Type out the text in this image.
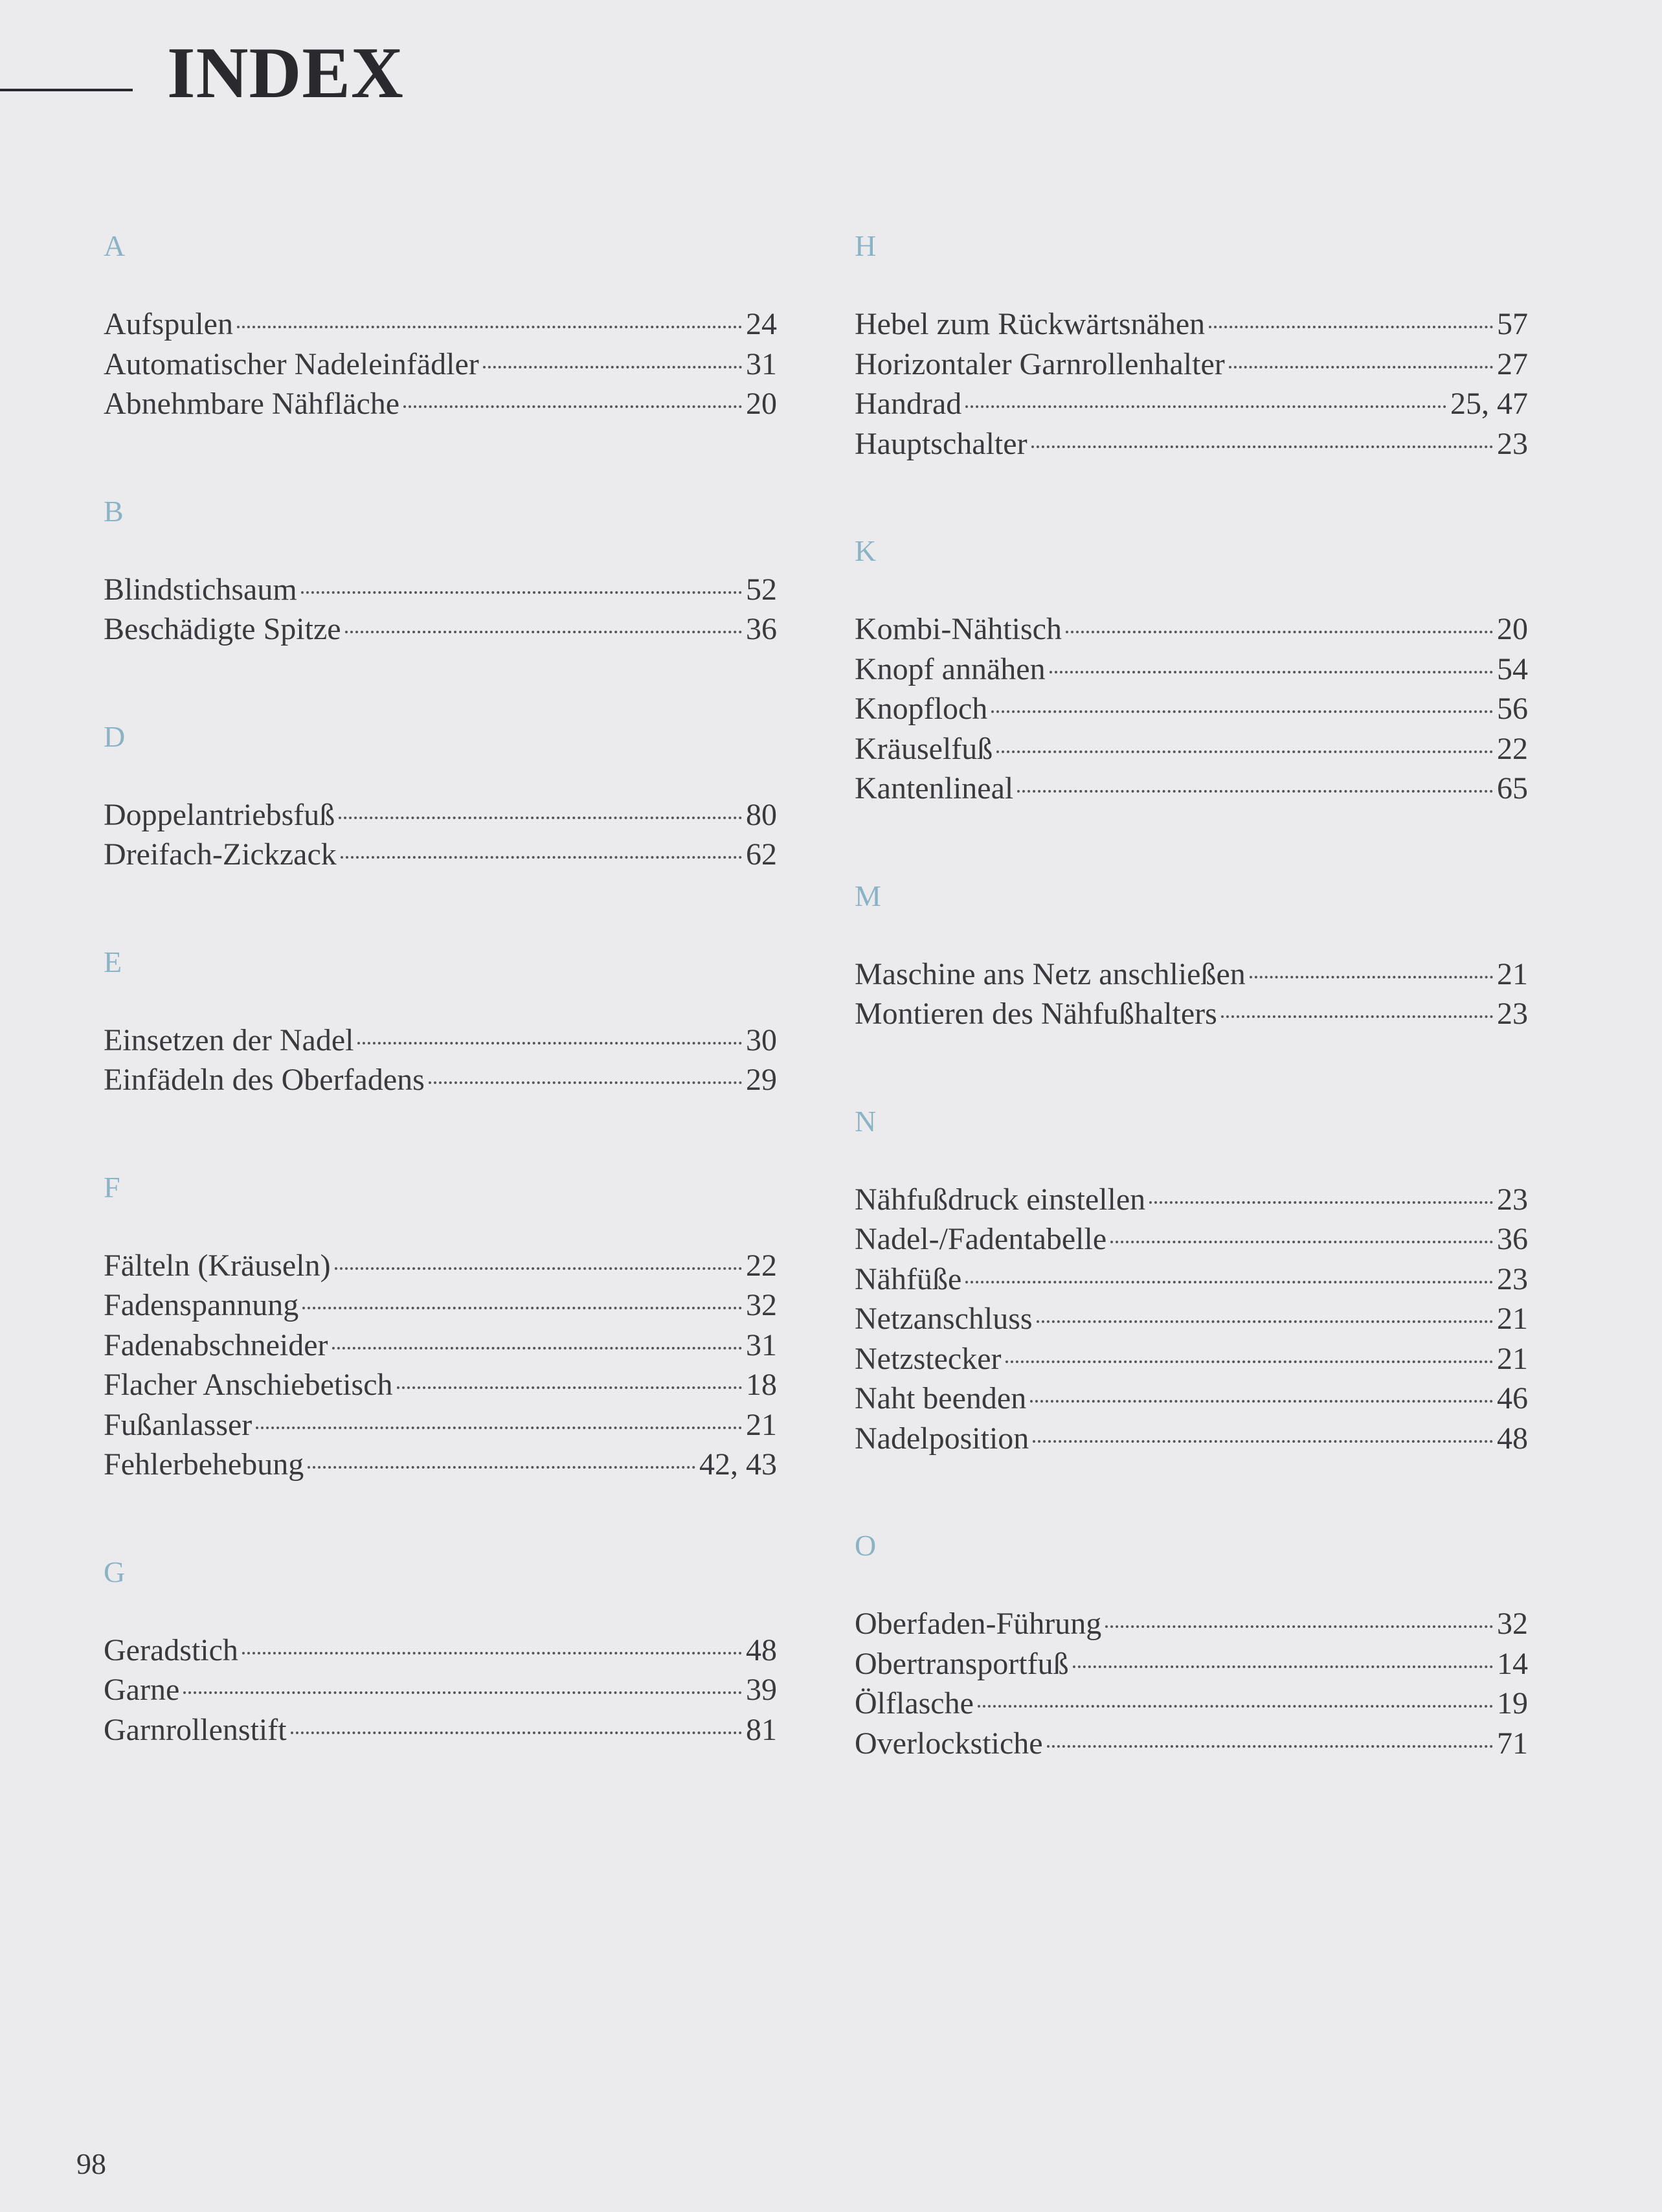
INDEX
A
Aufspulen	24
Automatischer Nadeleinfädler	31
Abnehmbare Nähfläche	20
B
Blindstichsaum	52
Beschädigte Spitze	36
D
Doppelantriebsfuß	80
Dreifach-Zickzack	62
E
Einsetzen der Nadel	30
Einfädeln des Oberfadens	29
F
Fälteln (Kräuseln)	22
Fadenspannung	32
Fadenabschneider	31
Flacher Anschiebetisch	18
Fußanlasser	21
Fehlerbehebung	42, 43
G
Geradstich	48
Garne	39
Garnrollenstift	81
H
Hebel zum Rückwärtsnähen	57
Horizontaler Garnrollenhalter	27
Handrad	25, 47
Hauptschalter	23
K
Kombi-Nähtisch	20
Knopf annähen	54
Knopfloch	56
Kräuselfuß	22
Kantenlineal	65
M
Maschine ans Netz anschließen	21
Montieren des Nähfußhalters	23
N
Nähfußdruck einstellen	23
Nadel-/Fadentabelle	36
Nähfüße	23
Netzanschluss	21
Netzstecker	21
Naht beenden	46
Nadelposition	48
O
Oberfaden-Führung	32
Obertransportfuß	14
Ölflasche	19
Overlockstiche	71
98
